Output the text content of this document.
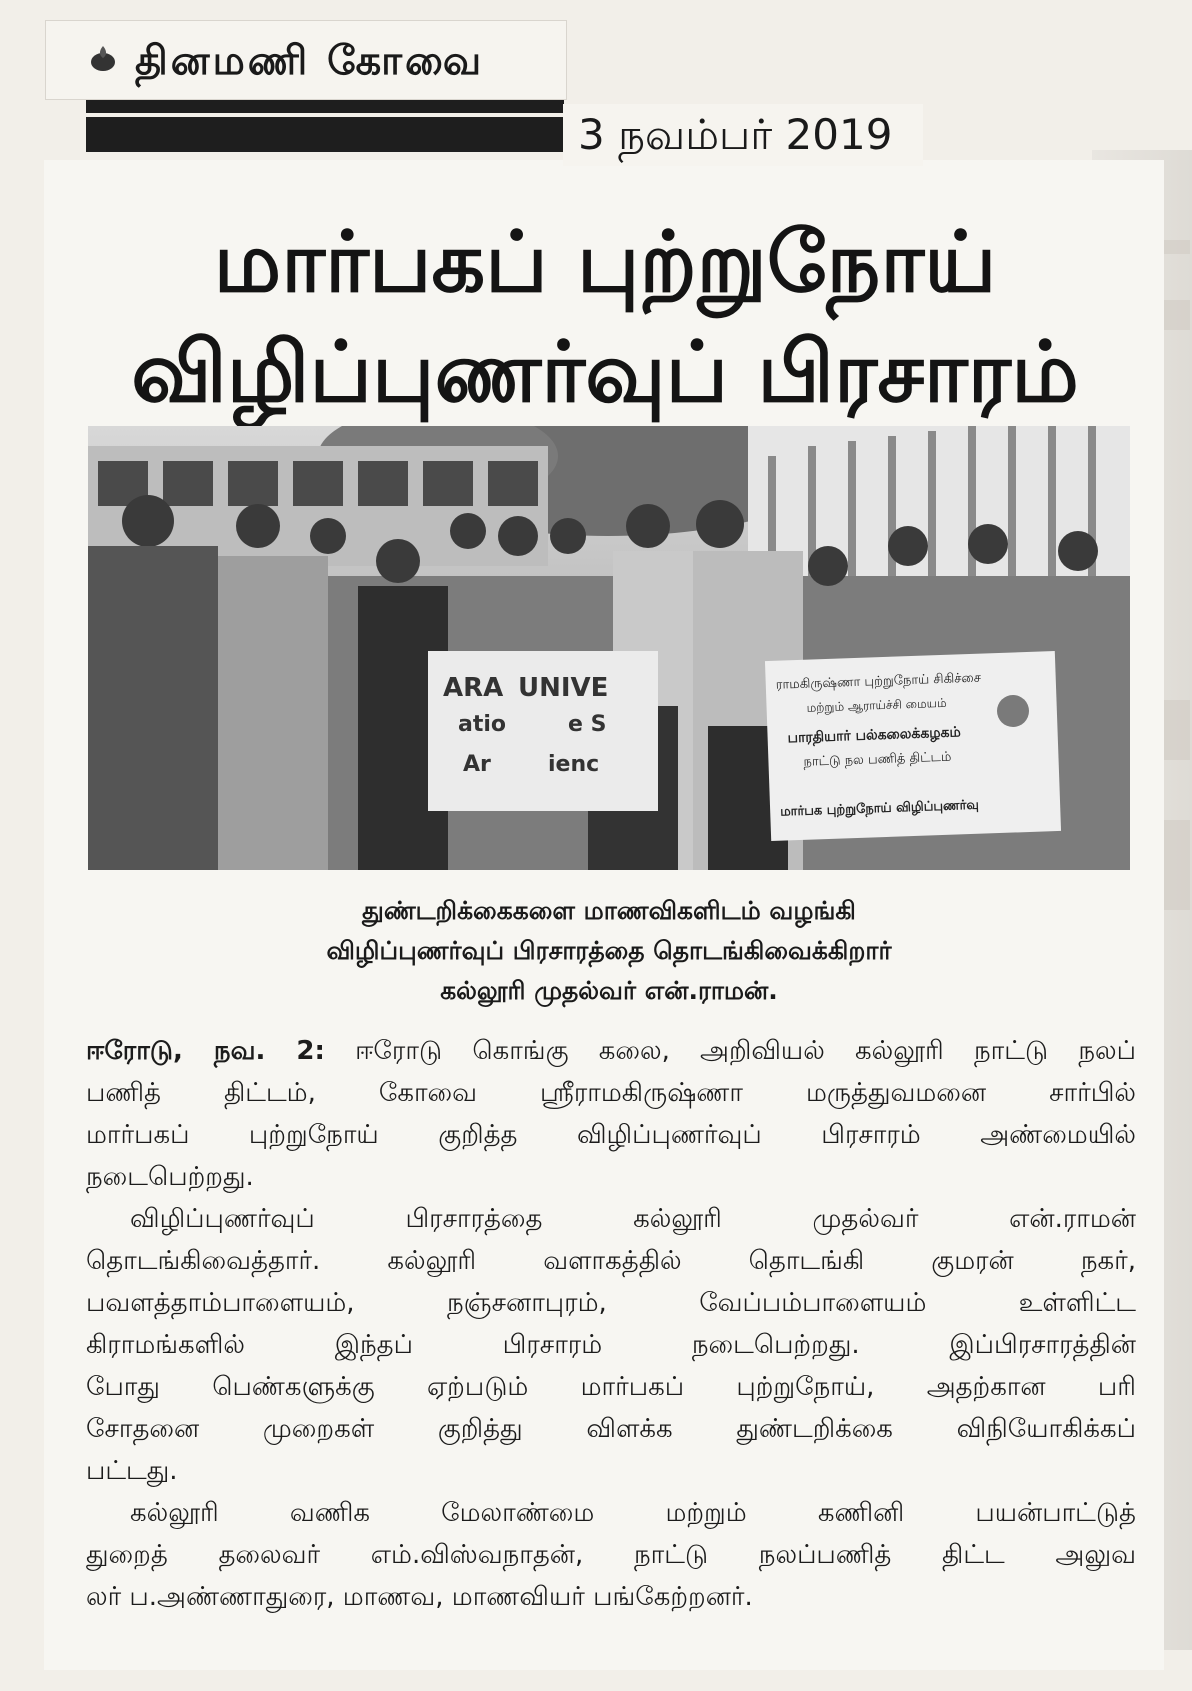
தினமணி கோவை
3 நவம்பர் 2019
மார்பகப் புற்றுநோய்
விழிப்புணர்வுப் பிரசாரம்
ARA UNIVE
atio	e S
Ar	ienc
ராமகிருஷ்ணா புற்றுநோய் சிகிச்சை
மற்றும் ஆராய்ச்சி மையம்
பாரதியார் பல்கலைக்கழகம்
நாட்டு நல பணித் திட்டம்
மார்பக புற்றுநோய் விழிப்புணர்வு
துண்டறிக்கைகளை மாணவிகளிடம் வழங்கி
விழிப்புணர்வுப் பிரசாரத்தை தொடங்கிவைக்கிறார்
கல்லூரி முதல்வர் என்.ராமன்.
ஈரோடு, நவ. 2: ஈரோடு கொங்கு கலை, அறிவியல் கல்லூரி நாட்டு நலப்
பணித் திட்டம், கோவை ஸ்ரீராமகிருஷ்ணா மருத்துவமனை சார்பில்
மார்பகப் புற்றுநோய் குறித்த விழிப்புணர்வுப் பிரசாரம் அண்மையில்
நடைபெற்றது.
விழிப்புணர்வுப் பிரசாரத்தை கல்லூரி முதல்வர் என்.ராமன்
தொடங்கிவைத்தார். கல்லூரி வளாகத்தில் தொடங்கி குமரன் நகர்,
பவளத்தாம்பாளையம், நஞ்சனாபுரம், வேப்பம்பாளையம் உள்ளிட்ட
கிராமங்களில் இந்தப் பிரசாரம் நடைபெற்றது. இப்பிரசாரத்தின்
போது பெண்களுக்கு ஏற்படும் மார்பகப் புற்றுநோய், அதற்கான பரி
சோதனை முறைகள் குறித்து விளக்க துண்டறிக்கை விநியோகிக்கப்
பட்டது.
கல்லூரி வணிக மேலாண்மை மற்றும் கணினி பயன்பாட்டுத்
துறைத் தலைவர் எம்.விஸ்வநாதன், நாட்டு நலப்பணித் திட்ட அலுவ
லர் ப.அண்ணாதுரை, மாணவ, மாணவியர் பங்கேற்றனர்.
